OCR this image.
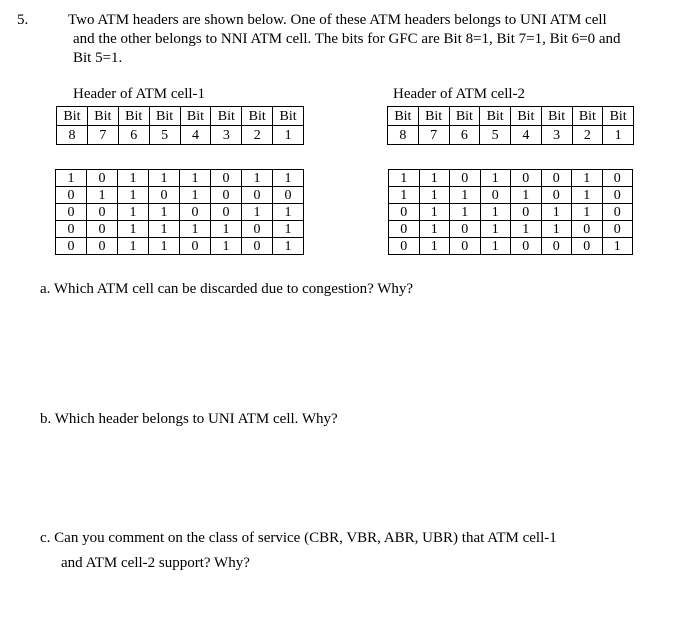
5.	Two ATM headers are shown below. One of these ATM headers belongs to UNI ATM cell
and the other belongs to NNI ATM cell. The bits for GFC are Bit 8=1, Bit 7=1, Bit 6=0 and
Bit 5=1.
Header of ATM cell-1	Header of ATM cell-2
Bit	Bit	Bit	Bit	Bit	Bit	Bit	Bit
8	7	6	5	4	3	2	1
Bit	Bit	Bit	Bit	Bit	Bit	Bit	Bit
8	7	6	5	4	3	2	1
1	0	1	1	1	0	1	1
0	1	1	0	1	0	0	0
0	0	1	1	0	0	1	1
0	0	1	1	1	1	0	1
0	0	1	1	0	1	0	1
1	1	0	1	0	0	1	0
1	1	1	0	1	0	1	0
0	1	1	1	0	1	1	0
0	1	0	1	1	1	0	0
0	1	0	1	0	0	0	1
a. Which ATM cell can be discarded due to congestion? Why?
b. Which header belongs to UNI ATM cell. Why?
c. Can you comment on the class of service (CBR, VBR, ABR, UBR) that ATM cell-1
and ATM cell-2 support? Why?
